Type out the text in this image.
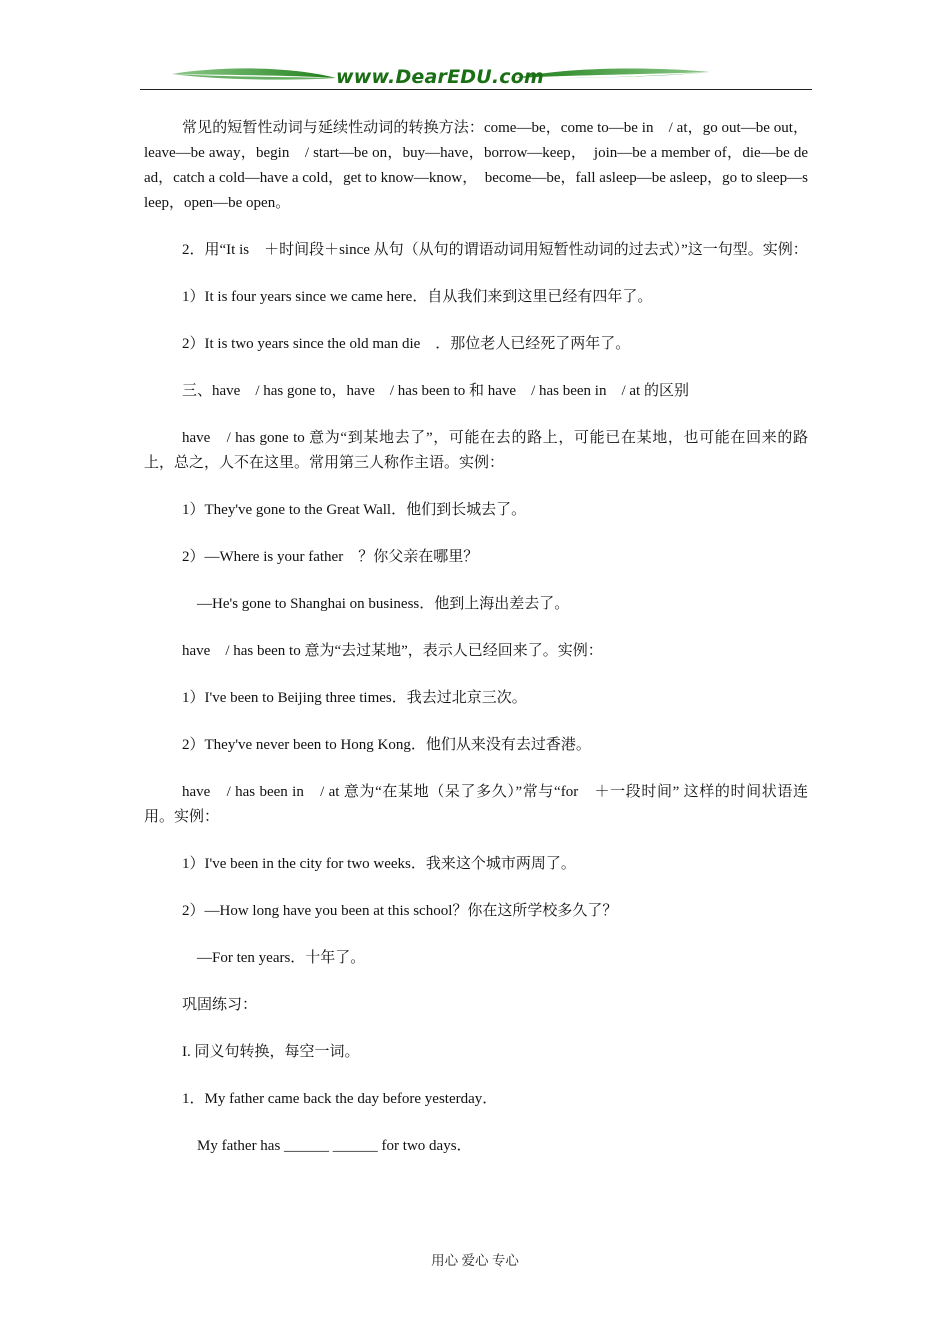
www.DearEDU.com

常见的短暂性动词与延续性动词的转换方法：come—be，come to—be in　/ at，go out—be out，leave—be away，begin　/ start—be on，buy—have，borrow—keep，　join—be a member of，die—be dead，catch a cold—have a cold，get to know—know，　become—be，fall asleep—be asleep，go to sleep—sleep，open—be open。

2．用“It is　＋时间段＋since 从句（从句的谓语动词用短暂性动词的过去式）”这一句型。实例：

1）It is four years since we came here．自从我们来到这里已经有四年了。

2）It is two years since the old man die　．那位老人已经死了两年了。

三、have　/ has gone to，have　/ has been to 和 have　/ has been in　/ at 的区别

have　/ has gone to 意为“到某地去了”，可能在去的路上，可能已在某地，也可能在回来的路上，总之，人不在这里。常用第三人称作主语。实例：

1）They've gone to the Great Wall．他们到长城去了。

2）—Where is your father　？你父亲在哪里？

　—He's gone to Shanghai on business．他到上海出差去了。

have　/ has been to 意为“去过某地”，表示人已经回来了。实例：

1）I've been to Beijing three times．我去过北京三次。

2）They've never been to Hong Kong．他们从来没有去过香港。

have　/ has been in　/ at 意为“在某地（呆了多久）”常与“for　＋一段时间” 这样的时间状语连用。实例：

1）I've been in the city for two weeks．我来这个城市两周了。

2）—How long have you been at this school？你在这所学校多久了？

　—For ten years．十年了。

巩固练习：

I. 同义句转换，每空一词。

1．My father came back the day before yesterday．

　My father has ______ ______ for two days．

用心 爱心 专心
